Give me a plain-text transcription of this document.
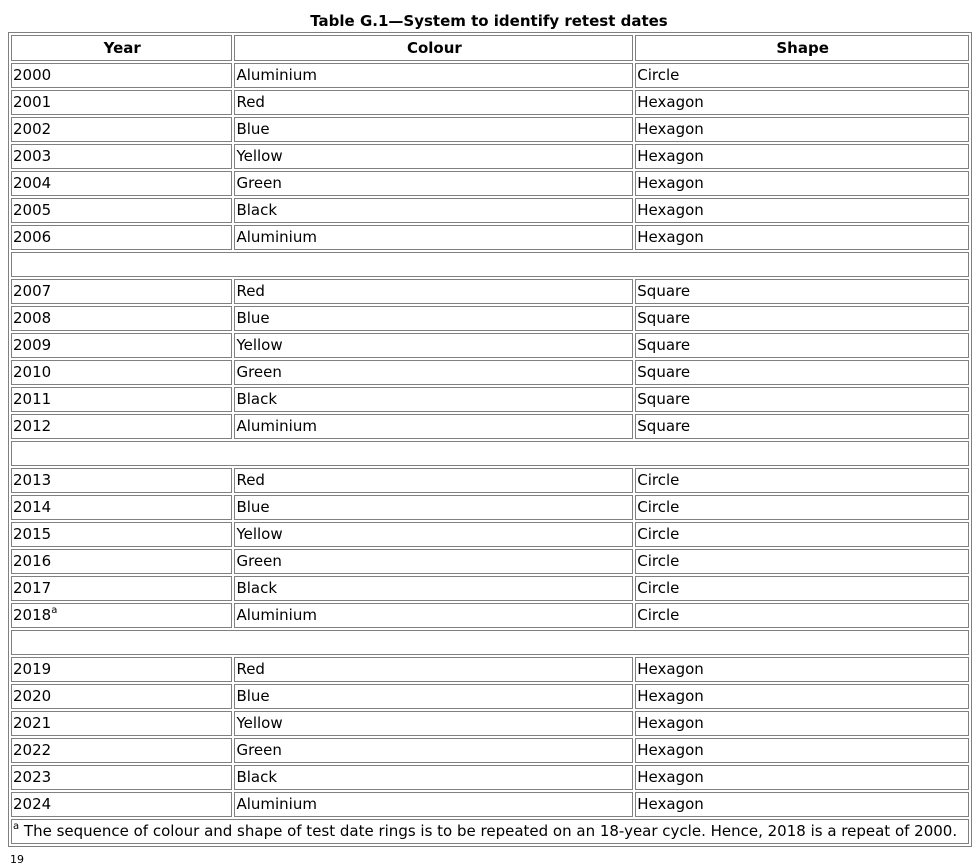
Table G.1—System to identify retest dates
Year	Colour	Shape
2000	Aluminium	Circle
2001	Red	Hexagon
2002	Blue	Hexagon
2003	Yellow	Hexagon
2004	Green	Hexagon
2005	Black	Hexagon
2006	Aluminium	Hexagon

2007	Red	Square
2008	Blue	Square
2009	Yellow	Square
2010	Green	Square
2011	Black	Square
2012	Aluminium	Square

2013	Red	Circle
2014	Blue	Circle
2015	Yellow	Circle
2016	Green	Circle
2017	Black	Circle
2018$^a$	Aluminium	Circle

2019	Red	Hexagon
2020	Blue	Hexagon
2021	Yellow	Hexagon
2022	Green	Hexagon
2023	Black	Hexagon
2024	Aluminium	Hexagon
$^a$ The sequence of colour and shape of test date rings is to be repeated on an 18-year cycle. Hence, 2018 is a repeat of 2000.		
19
